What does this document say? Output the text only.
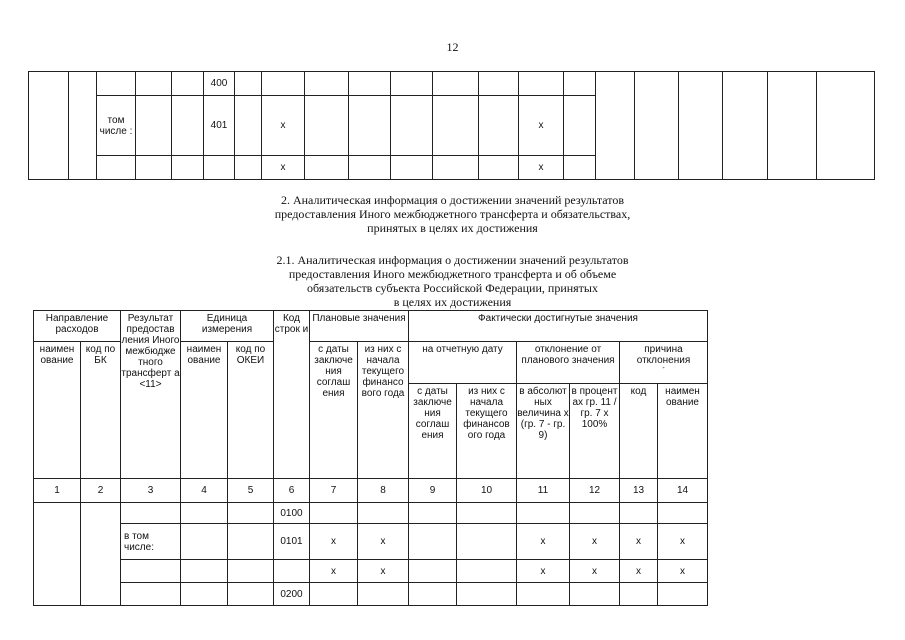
12
					400															
		том числе :			401		x						x							
							x						x							
2. Аналитическая информация о достижении значений результатов
предоставления Иного межбюджетного трансферта и обязательствах,
принятых в целях их достижения
2.1. Аналитическая информация о достижении значений результатов
предоставления Иного межбюджетного трансферта и об объеме
обязательств субъекта Российской Федерации, принятых
в целях их достижения
Направление расходов		Результат предостав ления Иного межбюдже тного трансферт а <11>	Единица измерения		Код строк и	Плановые значения		Фактически достигнутые значения					
наимен ование	код по БК		наимен ование	код по ОКЕИ		с даты заключе ния соглаш ения	из них с начала текущего финансо вого года	на отчетную дату		отклонение от планового значения		причина отклонения
-	

								с даты заключе ния соглаш ения	из них с начала текущего финансов ого года	в абсолют ных величина х (гр. 7 - гр. 9)	в процент ах гр. 11 / гр. 7 х 100%	код	наимен ование
1	2	3	4	5	6	7	8	9	10	11	12	13	14
					0100								
		в том числе:			0101	x	x			x	x	x	x
						x	x			x	x	x	x
					0200								
